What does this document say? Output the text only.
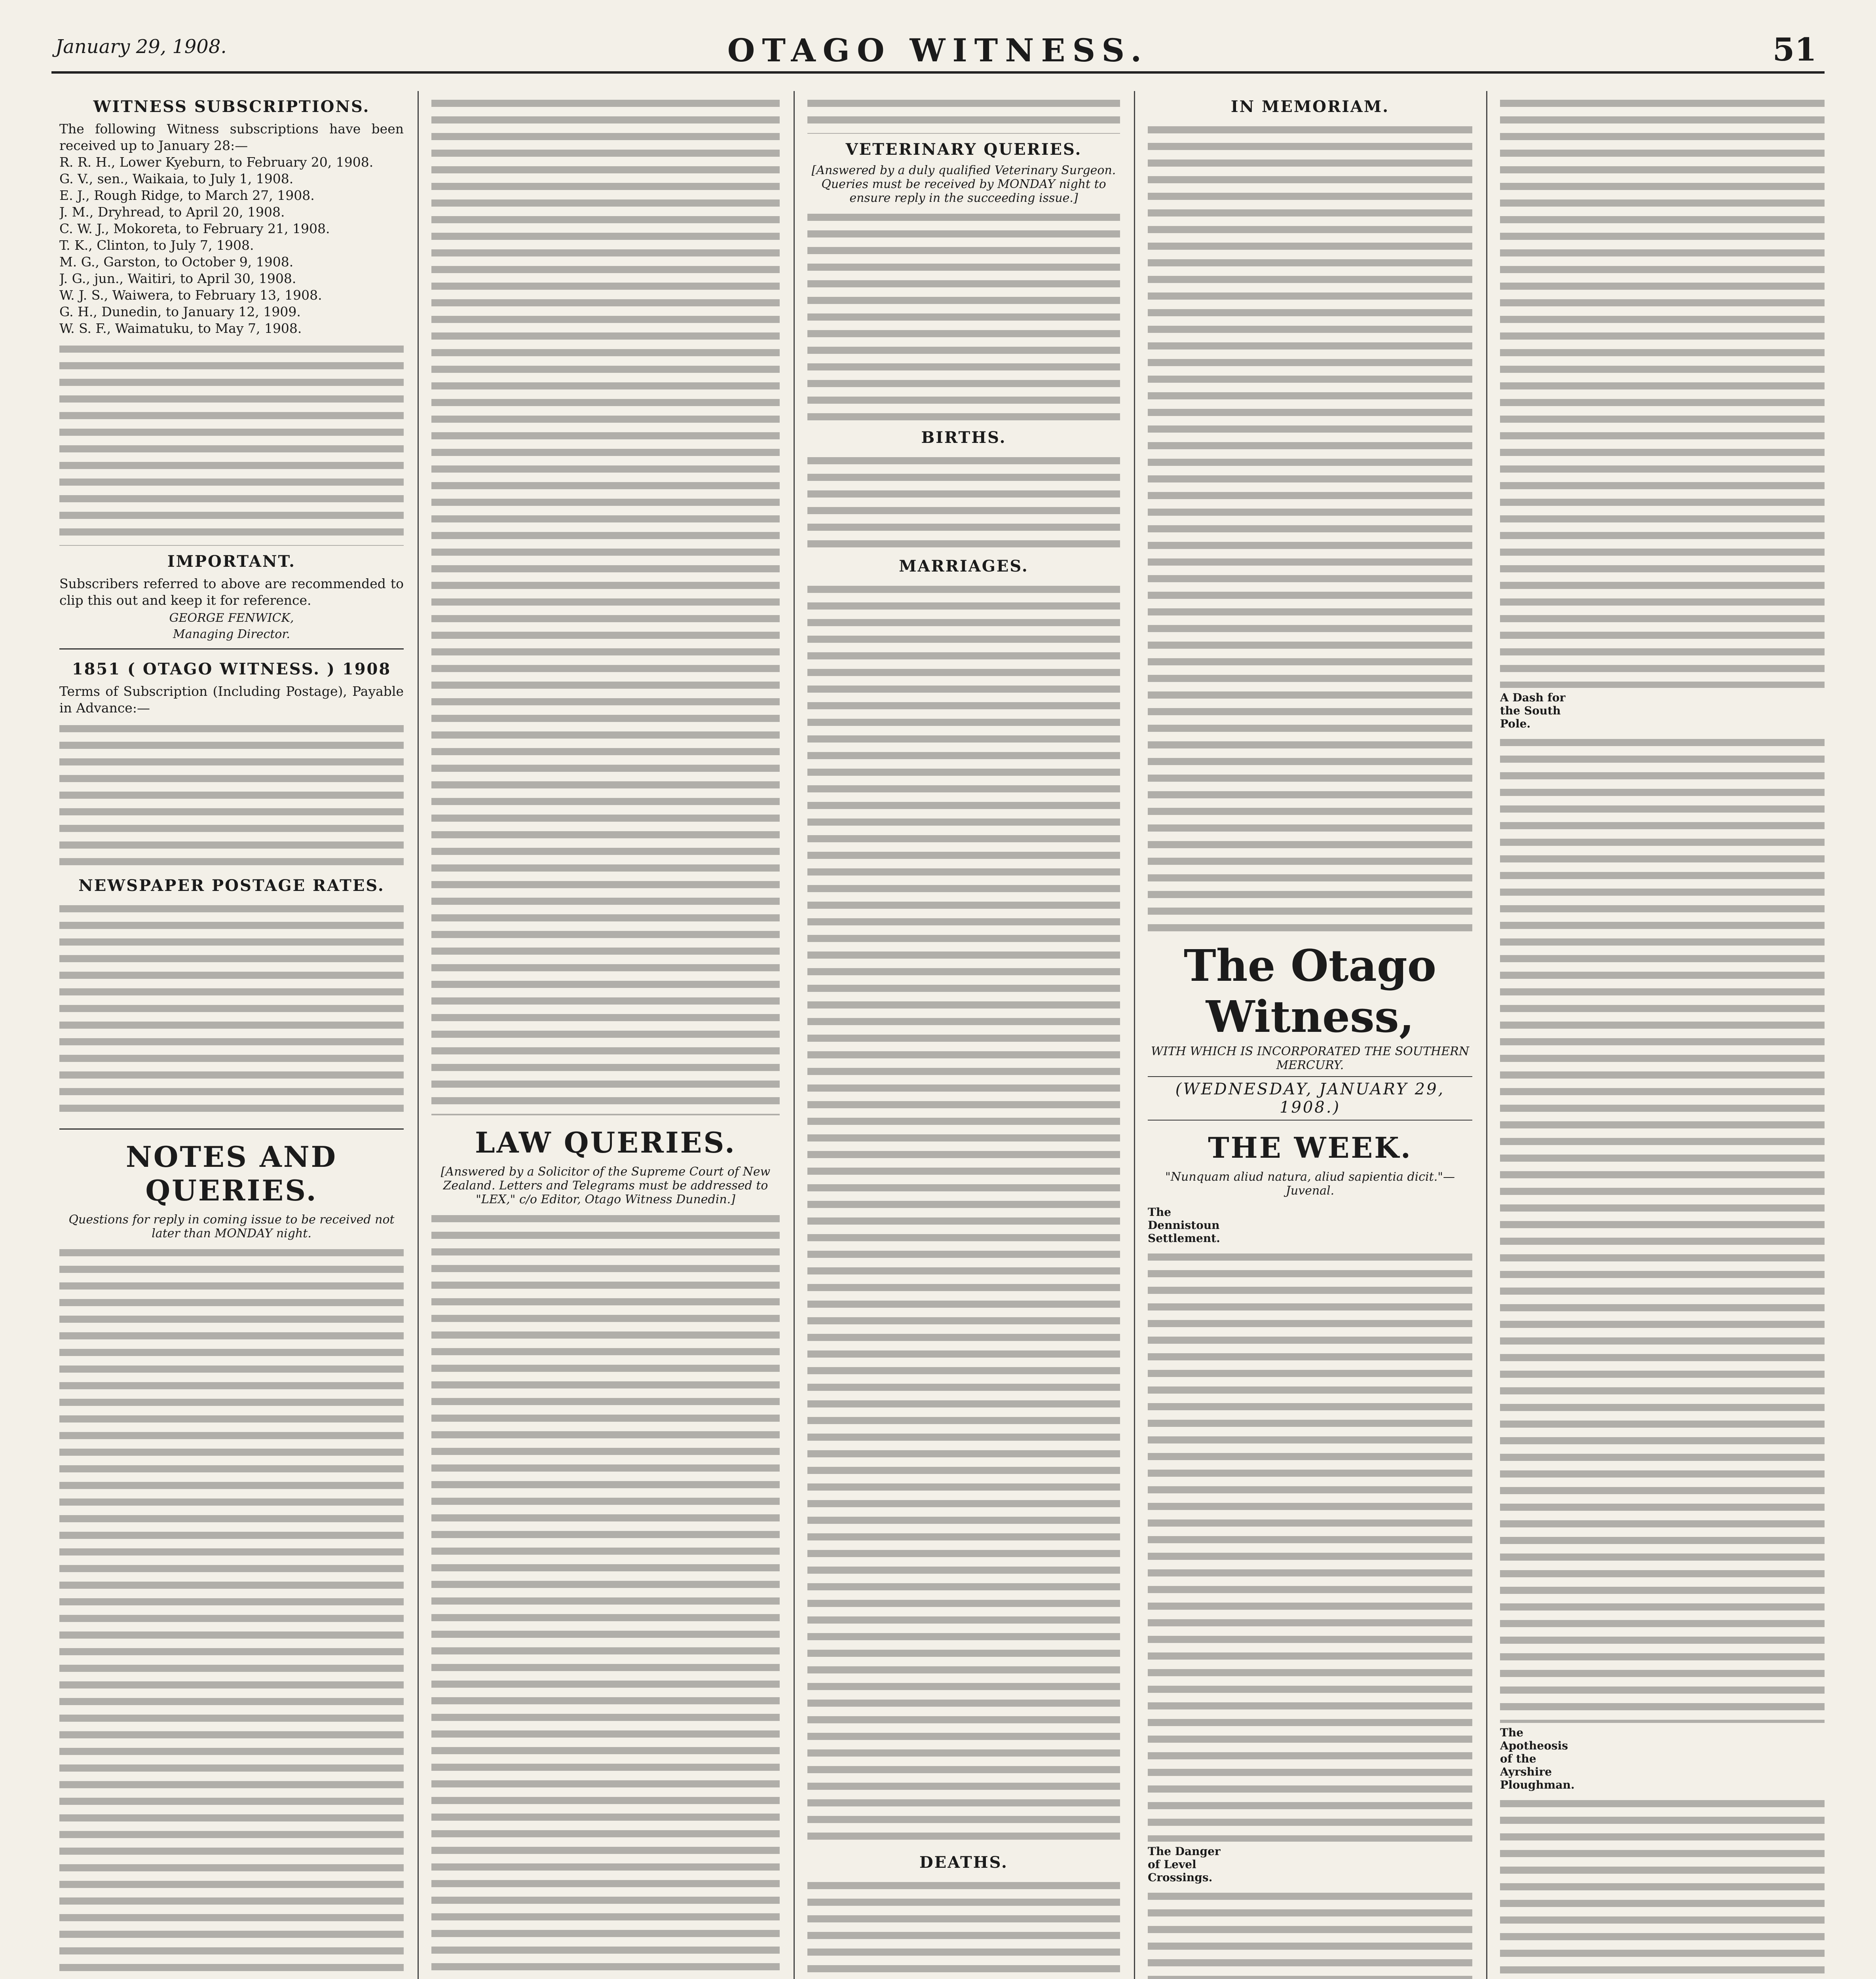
January 29, 1908.	OTAGO WITNESS.	51
WITNESS SUBSCRIPTIONS.

The following Witness subscriptions have been received up to January 28:—

R. R. H., Lower Kyeburn, to February 20, 1908.

G. V., sen., Waikaia, to July 1, 1908.

E. J., Rough Ridge, to March 27, 1908.

J. M., Dryhread, to April 20, 1908.

C. W. J., Mokoreta, to February 21, 1908.

T. K., Clinton, to July 7, 1908.

M. G., Garston, to October 9, 1908.

J. G., jun., Waitiri, to April 30, 1908.

W. J. S., Waiwera, to February 13, 1908.

G. H., Dunedin, to January 12, 1909.

W. S. F., Waimatuku, to May 7, 1908.

IMPORTANT.

Subscribers referred to above are recommended to clip this out and keep it for reference.

GEORGE FENWICK,

Managing Director.

1851 ( OTAGO WITNESS. ) 1908

Terms of Subscription (Including Postage), Payable in Advance:—

NEWSPAPER POSTAGE RATES.
NOTES AND QUERIES.

Questions for reply in coming issue to be received not later than MONDAY night.

LAW QUERIES.

[Answered by a Solicitor of the Supreme Court of New Zealand. Letters and Telegrams must be addressed to "LEX," c/o Editor, Otago Witness Dunedin.]

VETERINARY QUERIES.

[Answered by a duly qualified Veterinary Surgeon. Queries must be received by MONDAY night to ensure reply in the succeeding issue.]

BIRTHS.
MARRIAGES.
DEATHS.
IN MEMORIAM.
The Otago Witness,

WITH WHICH IS INCORPORATED THE SOUTHERN MERCURY.

(WEDNESDAY, JANUARY 29, 1908.)
THE WEEK.

"Nunquam aliud natura, aliud sapientia dicit."—Juvenal.

The Dennistoun Settlement.
The Danger of Level Crossings.
A Dash for the South Pole.
The Apotheosis of the Ayrshire Ploughman.
